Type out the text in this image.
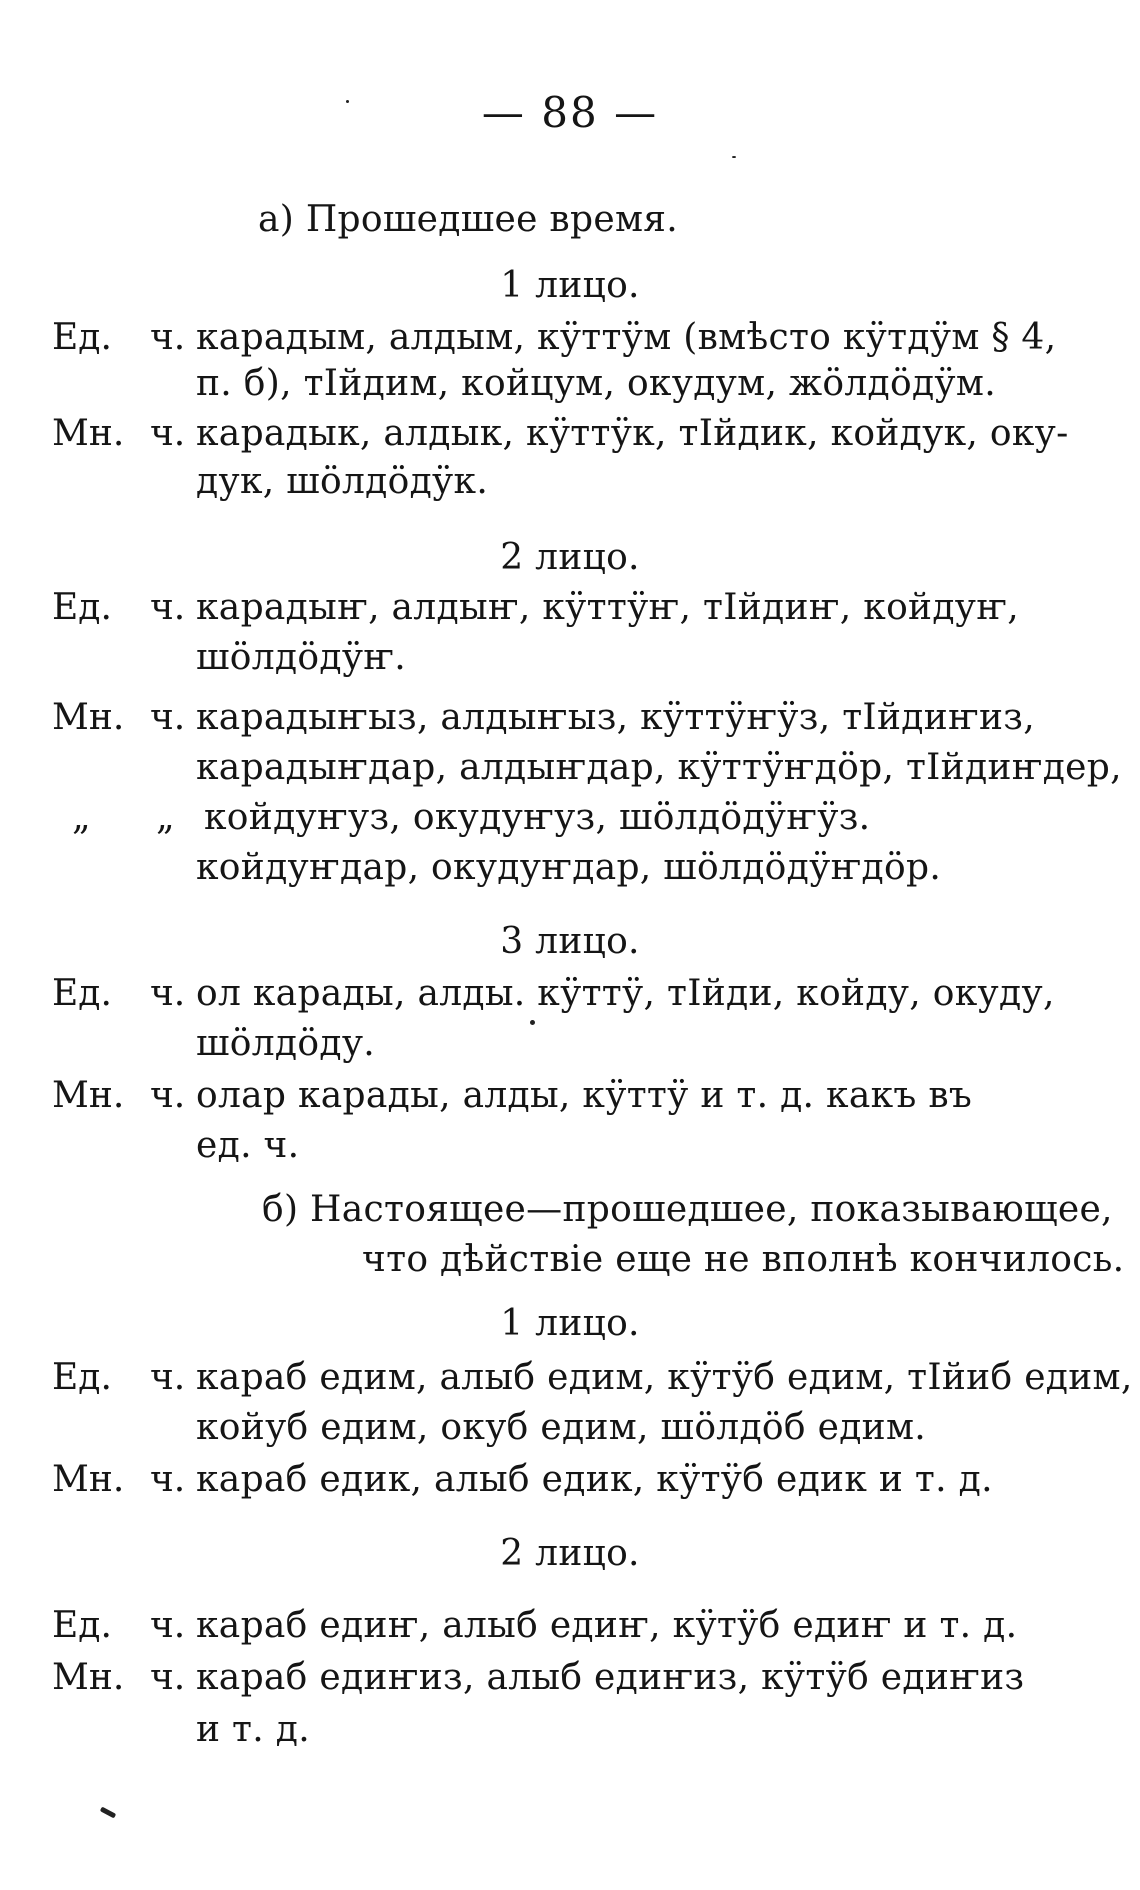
— 88 —
а) Прошедшее время.
1 лицо.
Ед. ч. карадым, алдым, кӱттӱм (вмѣсто кӱтдӱм § 4,
п. б), тӀйдим, койцум, окудум, жӧлдӧдӱм.
Мн. ч. карадык, алдык, кӱттӱк, тӀйдик, койдук, оку-
дук, шӧлдӧдӱк.
2 лицо.
Ед. ч. карадыҥ, алдыҥ, кӱттӱҥ, тӀйдиҥ, койдуҥ,
шӧлдӧдӱҥ.
Мн. ч. карадыҥыз, алдыҥыз, кӱттӱҥӱз, тӀйдиҥиз,
карадыҥдар, алдыҥдар, кӱттӱҥдӧр, тӀйдиҥдер,
„ „ койдуҥуз, окудуҥуз, шӧлдӧдӱҥӱз.
койдуҥдар, окудуҥдар, шӧлдӧдӱҥдӧр.
3 лицо.
Ед. ч. ол карады, алды. кӱттӱ, тӀйди, койду, окуду,
шӧлдӧду.
Мн. ч. олар карады, алды, кӱттӱ и т. д. какъ въ
ед. ч.
б) Настоящее—прошедшее, показывающее,
что дѣйствіе еще не вполнѣ кончилось.
1 лицо.
Ед. ч. караб едим, алыб едим, кӱтӱб едим, тӀйиб едим,
койуб едим, окуб едим, шӧлдӧб едим.
Мн. ч. караб едик, алыб едик, кӱтӱб едик и т. д.
2 лицо.
Ед. ч. караб едиҥ, алыб едиҥ, кӱтӱб едиҥ и т. д.
Мн. ч. караб едиҥиз, алыб едиҥиз, кӱтӱб едиҥиз
и т. д.
